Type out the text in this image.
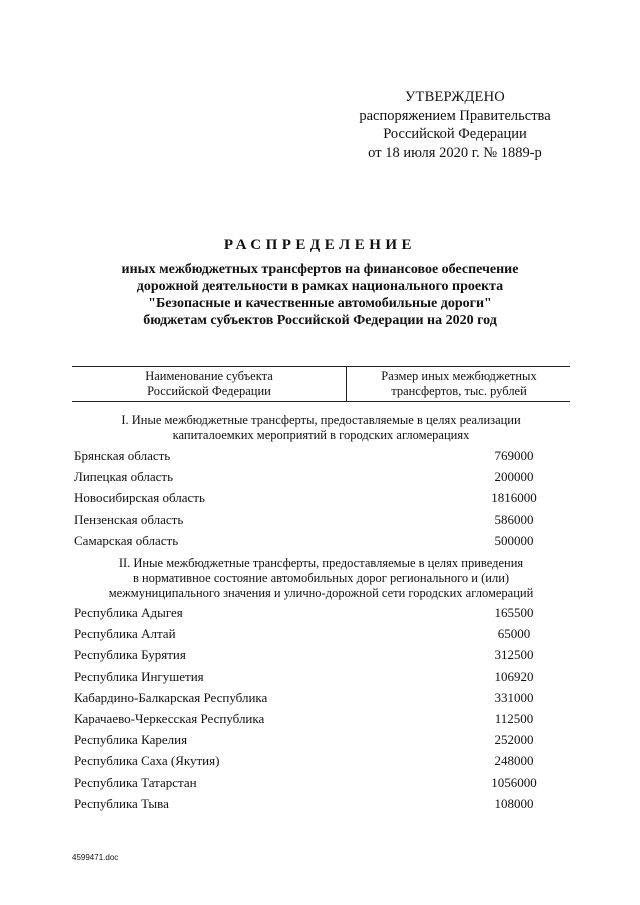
УТВЕРЖДЕНО
распоряжением Правительства
Российской Федерации
от 18 июля 2020 г. № 1889-р
РАСПРЕДЕЛЕНИЕ
иных межбюджетных трансфертов на финансовое обеспечение
дорожной деятельности в рамках национального проекта
"Безопасные и качественные автомобильные дороги"
бюджетам субъектов Российской Федерации на 2020 год
Наименование субъекта
Российской Федерации
Размер иных межбюджетных
трансфертов, тыс. рублей
I. Иные межбюджетные трансферты, предоставляемые в целях реализации
капиталоемких мероприятий в городских агломерациях
Брянская область	769000
Липецкая область	200000
Новосибирская область	1816000
Пензенская область	586000
Самарская область	500000
II. Иные межбюджетные трансферты, предоставляемые в целях приведения
в нормативное состояние автомобильных дорог регионального и (или)
межмуниципального значения и улично-дорожной сети городских агломераций
Республика Адыгея	165500
Республика Алтай	65000
Республика Бурятия	312500
Республика Ингушетия	106920
Кабардино-Балкарская Республика	331000
Карачаево-Черкесская Республика	112500
Республика Карелия	252000
Республика Саха (Якутия)	248000
Республика Татарстан	1056000
Республика Тыва	108000
4599471.doc
